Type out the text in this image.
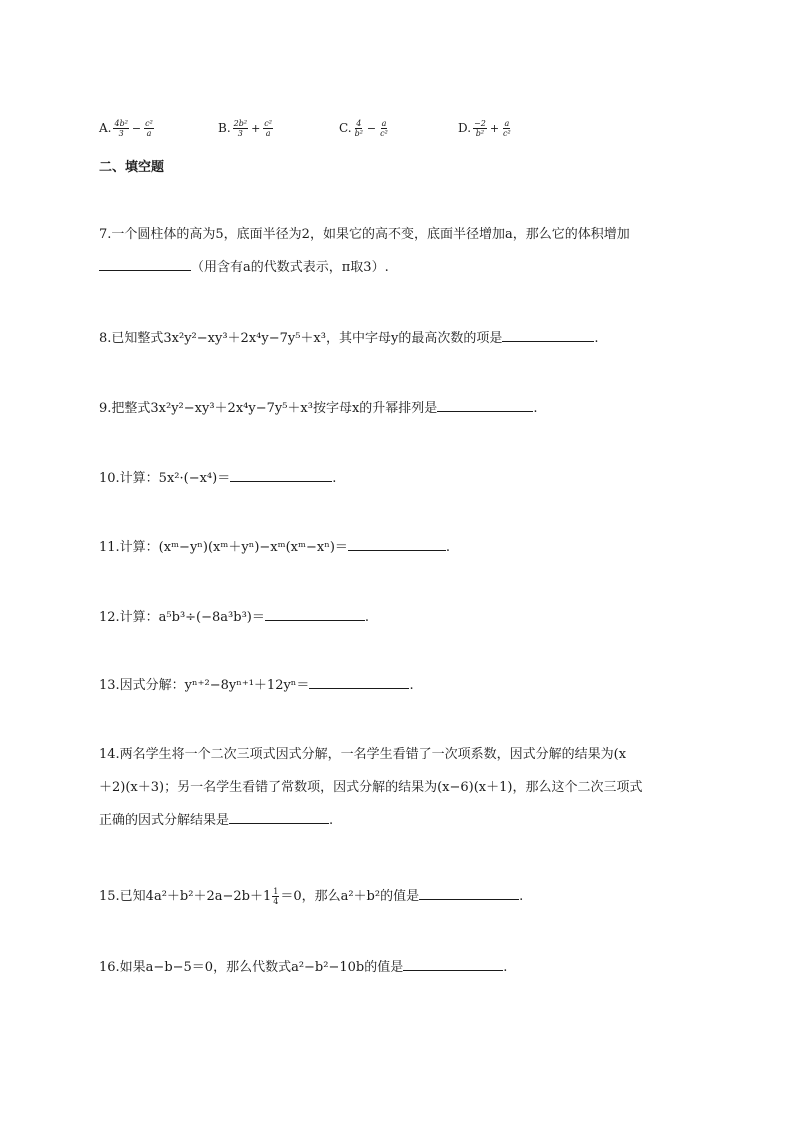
A. $\frac{\text{4b²}}{3} - \frac{\text{c²}}{a}$	B. $\frac{\text{2b²}}{3} + \frac{\text{c²}}{a}$	C. $\frac{4}{\text{b²}} - \frac{a}{\text{c²}}$	D. $\frac{-2}{\text{b²}} + \frac{a}{\text{c²}}$
二、填空题
7.一个圆柱体的高为5，底面半径为2，如果它的高不变，底面半径增加a，那么它的体积增加
（用含有a的代数式表示，π取3）.
8.已知整式3x²y²−xy³＋2x⁴y−7y⁵＋x³，其中字母y的最高次数的项是	.
9.把整式3x²y²−xy³＋2x⁴y−7y⁵＋x³按字母x的升幂排列是	.
10.计算：5x²·(−x⁴)＝	.
11.计算：(xᵐ−yⁿ)(xᵐ＋yⁿ)−xᵐ(xᵐ−xⁿ)＝	.
12.计算：a⁵b³÷(−8a³b³)＝	.
13.因式分解：yⁿ⁺²−8yⁿ⁺¹＋12yⁿ＝	.
14.两名学生将一个二次三项式因式分解，一名学生看错了一次项系数，因式分解的结果为(x
＋2)(x＋3)；另一名学生看错了常数项，因式分解的结果为(x−6)(x＋1)，那么这个二次三项式
正确的因式分解结果是	.
15.已知$4a^2+b^2+2a-2b+1 \frac{1}{4} =0$，那么a²＋b²的值是	.
16.如果a−b−5＝0，那么代数式a²−b²−10b的值是	.
